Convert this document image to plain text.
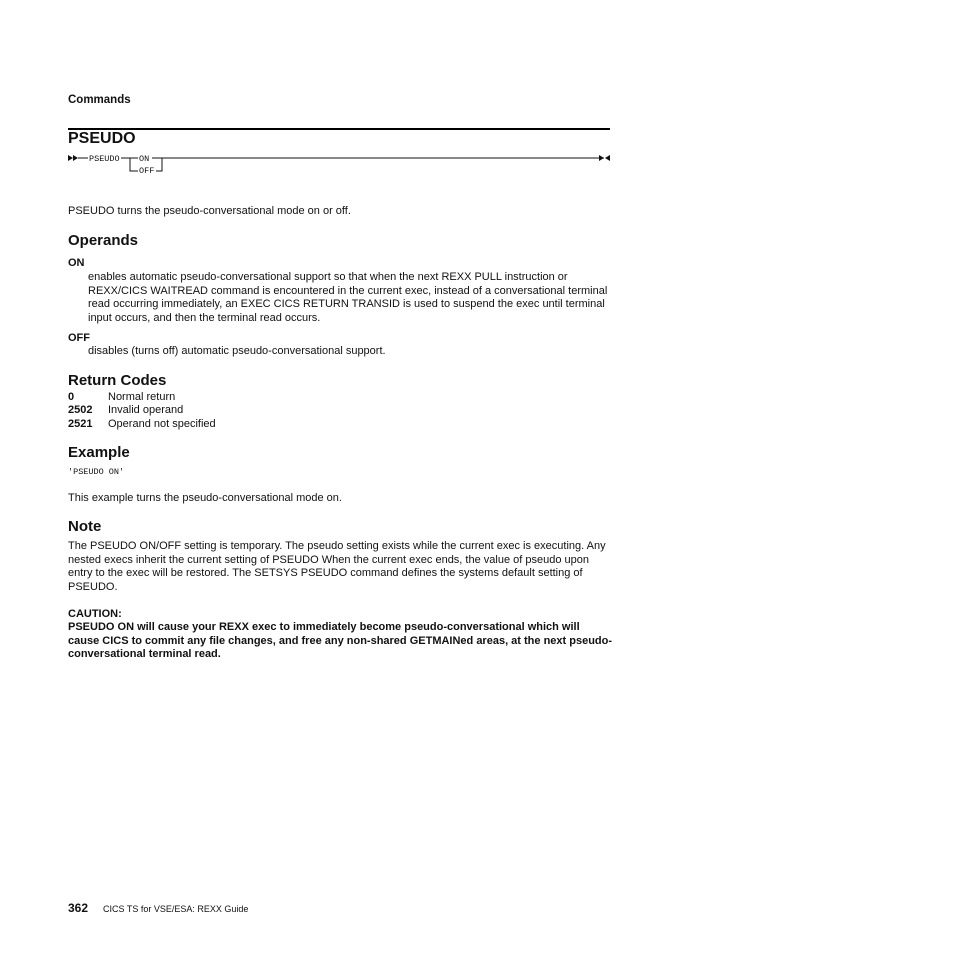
Commands
PSEUDO
PSEUDO ON
OFF
PSEUDO turns the pseudo-conversational mode on or off.
Operands
ON
enables automatic pseudo-conversational support so that when the next REXX PULL instruction or REXX/CICS WAITREAD command is encountered in the current exec, instead of a conversational terminal read occurring immediately, an EXEC CICS RETURN TRANSID is used to suspend the exec until terminal input occurs, and then the terminal read occurs.
OFF
disables (turns off) automatic pseudo-conversational support.
Return Codes
0	Normal return
2502 Invalid operand
2521 Operand not specified
Example
'PSEUDO ON'
This example turns the pseudo-conversational mode on.
Note
The PSEUDO ON/OFF setting is temporary. The pseudo setting exists while the current exec is executing. Any nested execs inherit the current setting of PSEUDO When the current exec ends, the value of pseudo upon entry to the exec will be restored. The SETSYS PSEUDO command defines the systems default setting of PSEUDO.
CAUTION:
PSEUDO ON will cause your REXX exec to immediately become pseudo-conversational which will cause CICS to commit any file changes, and free any non-shared GETMAINed areas, at the next pseudo-conversational terminal read.
362 CICS TS for VSE/ESA: REXX Guide
